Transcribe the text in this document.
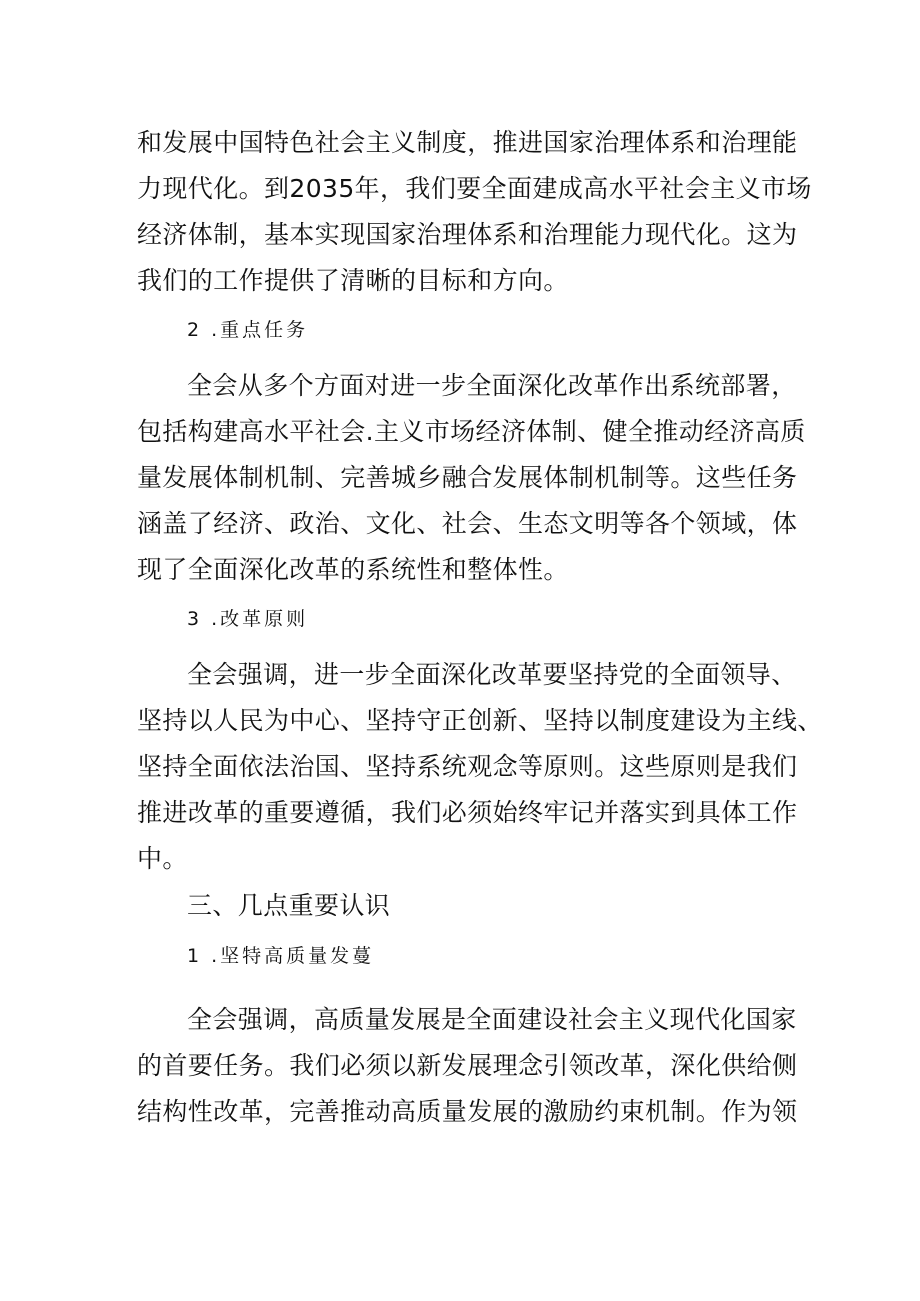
和发展中国特色社会主义制度，推进国家治理体系和治理能
力现代化。到2035年，我们要全面建成高水平社会主义市场
经济体制，基本实现国家治理体系和治理能力现代化。这为
我们的工作提供了清晰的目标和方向。
2 .重点任务
全会从多个方面对进一步全面深化改革作出系统部署，
包括构建高水平社会.主义市场经济体制、健全推动经济高质
量发展体制机制、完善城乡融合发展体制机制等。这些任务
涵盖了经济、政治、文化、社会、生态文明等各个领域，体
现了全面深化改革的系统性和整体性。
3 .改革原则
全会强调，进一步全面深化改革要坚持党的全面领导、
坚持以人民为中心、坚持守正创新、坚持以制度建设为主线、
坚持全面依法治国、坚持系统观念等原则。这些原则是我们
推进改革的重要遵循，我们必须始终牢记并落实到具体工作
中。
三、几点重要认识
1 .坚特高质量发蔓
全会强调，高质量发展是全面建设社会主义现代化国家
的首要任务。我们必须以新发展理念引领改革，深化供给侧
结构性改革，完善推动高质量发展的激励约束机制。作为领
